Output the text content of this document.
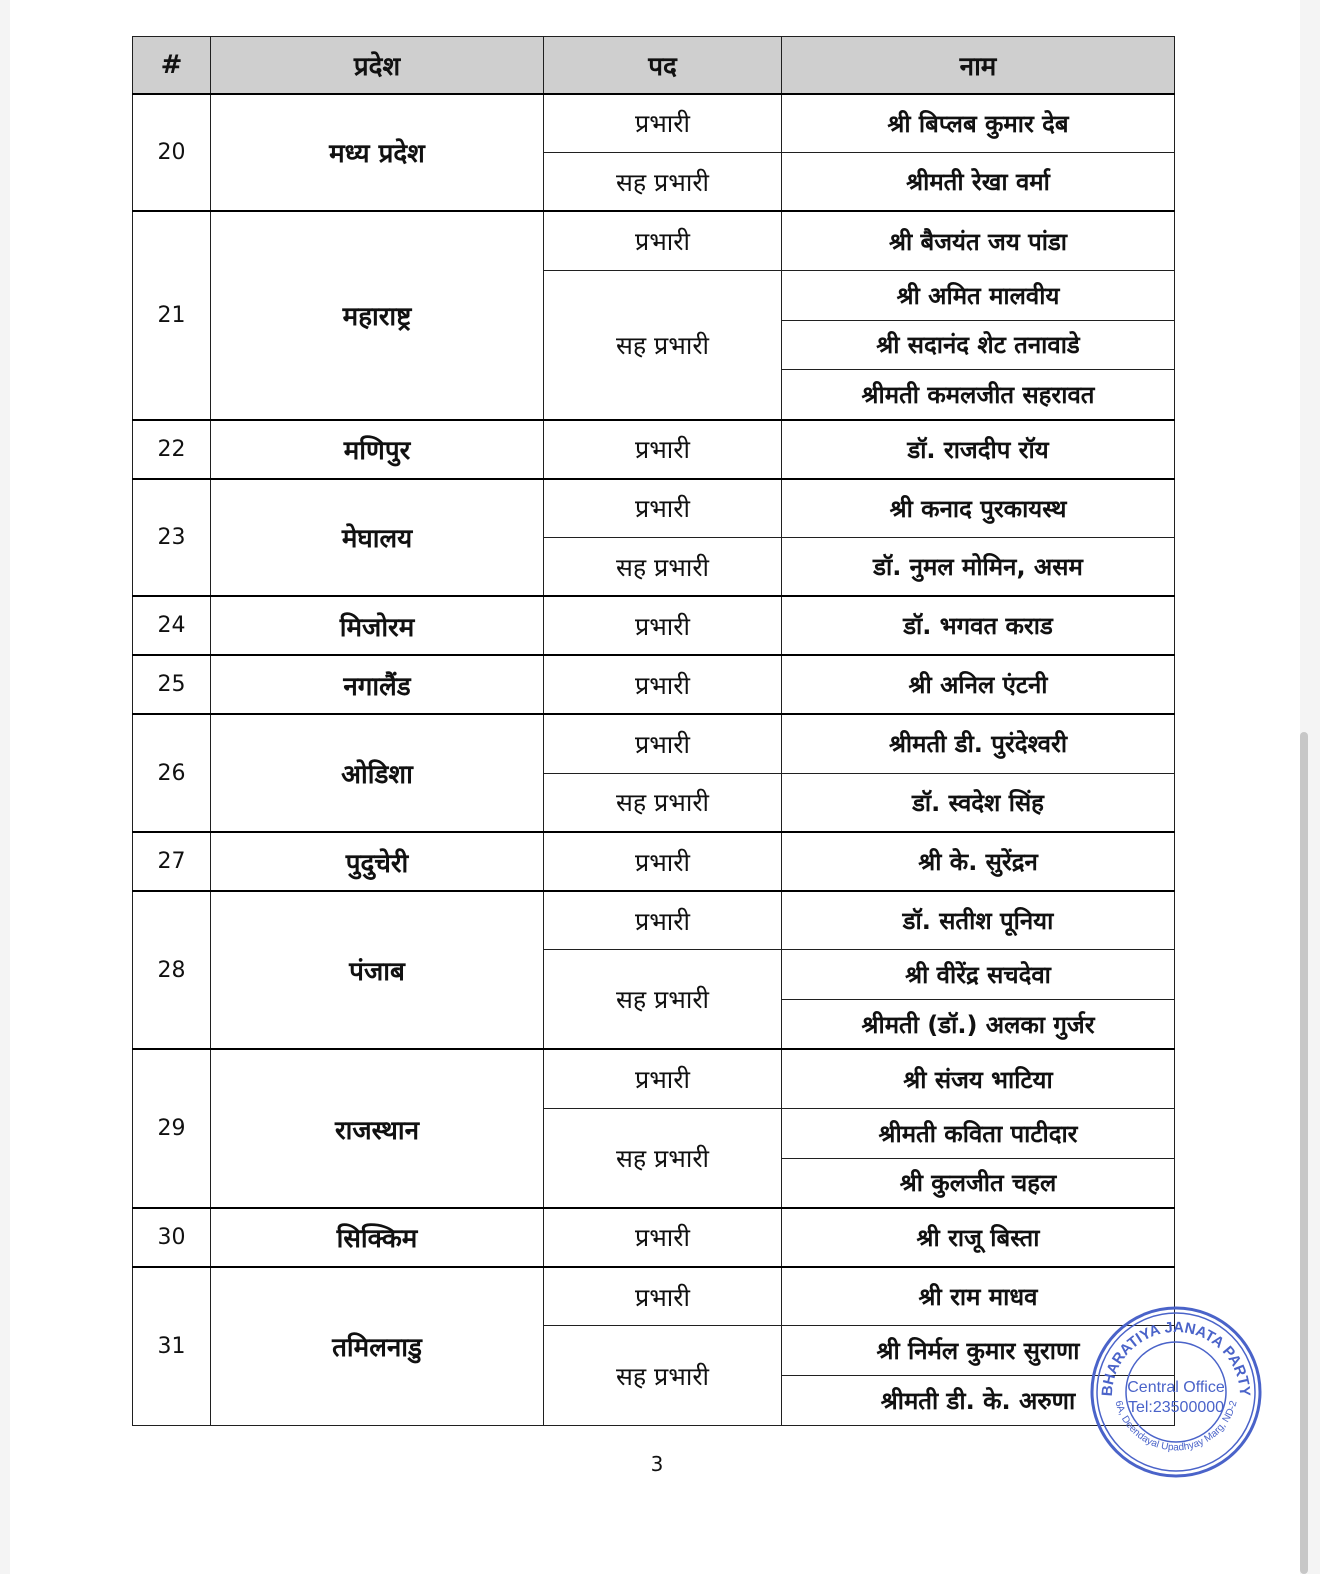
#	प्रदेश	पद	नाम
20	मध्य प्रदेश	प्रभारी	श्री बिप्लब कुमार देब
		सह प्रभारी	श्रीमती रेखा वर्मा
21	महाराष्ट्र	प्रभारी	श्री बैजयंत जय पांडा
		सह प्रभारी	श्री अमित मालवीय
			श्री सदानंद शेट तनावाडे
			श्रीमती कमलजीत सहरावत
22	मणिपुर	प्रभारी	डॉ. राजदीप रॉय
23	मेघालय	प्रभारी	श्री कनाद पुरकायस्थ
		सह प्रभारी	डॉ. नुमल मोमिन, असम
24	मिजोरम	प्रभारी	डॉ. भगवत कराड
25	नगालैंड	प्रभारी	श्री अनिल एंटनी
26	ओडिशा	प्रभारी	श्रीमती डी. पुरंदेश्वरी
		सह प्रभारी	डॉ. स्वदेश सिंह
27	पुदुचेरी	प्रभारी	श्री के. सुरेंद्रन
28	पंजाब	प्रभारी	डॉ. सतीश पूनिया
		सह प्रभारी	श्री वीरेंद्र सचदेवा
			श्रीमती (डॉ.) अलका गुर्जर
29	राजस्थान	प्रभारी	श्री संजय भाटिया
		सह प्रभारी	श्रीमती कविता पाटीदार
			श्री कुलजीत चहल
30	सिक्किम	प्रभारी	श्री राजू बिस्ता
31	तमिलनाडु	प्रभारी	श्री राम माधव
		सह प्रभारी	श्री निर्मल कुमार सुराणा
			श्रीमती डी. के. अरुणा
3
BHARATIYA JANATA PARTY
6A, Deendayal Upadhyay Marg, ND-2
Central Office
Tel:23500000
